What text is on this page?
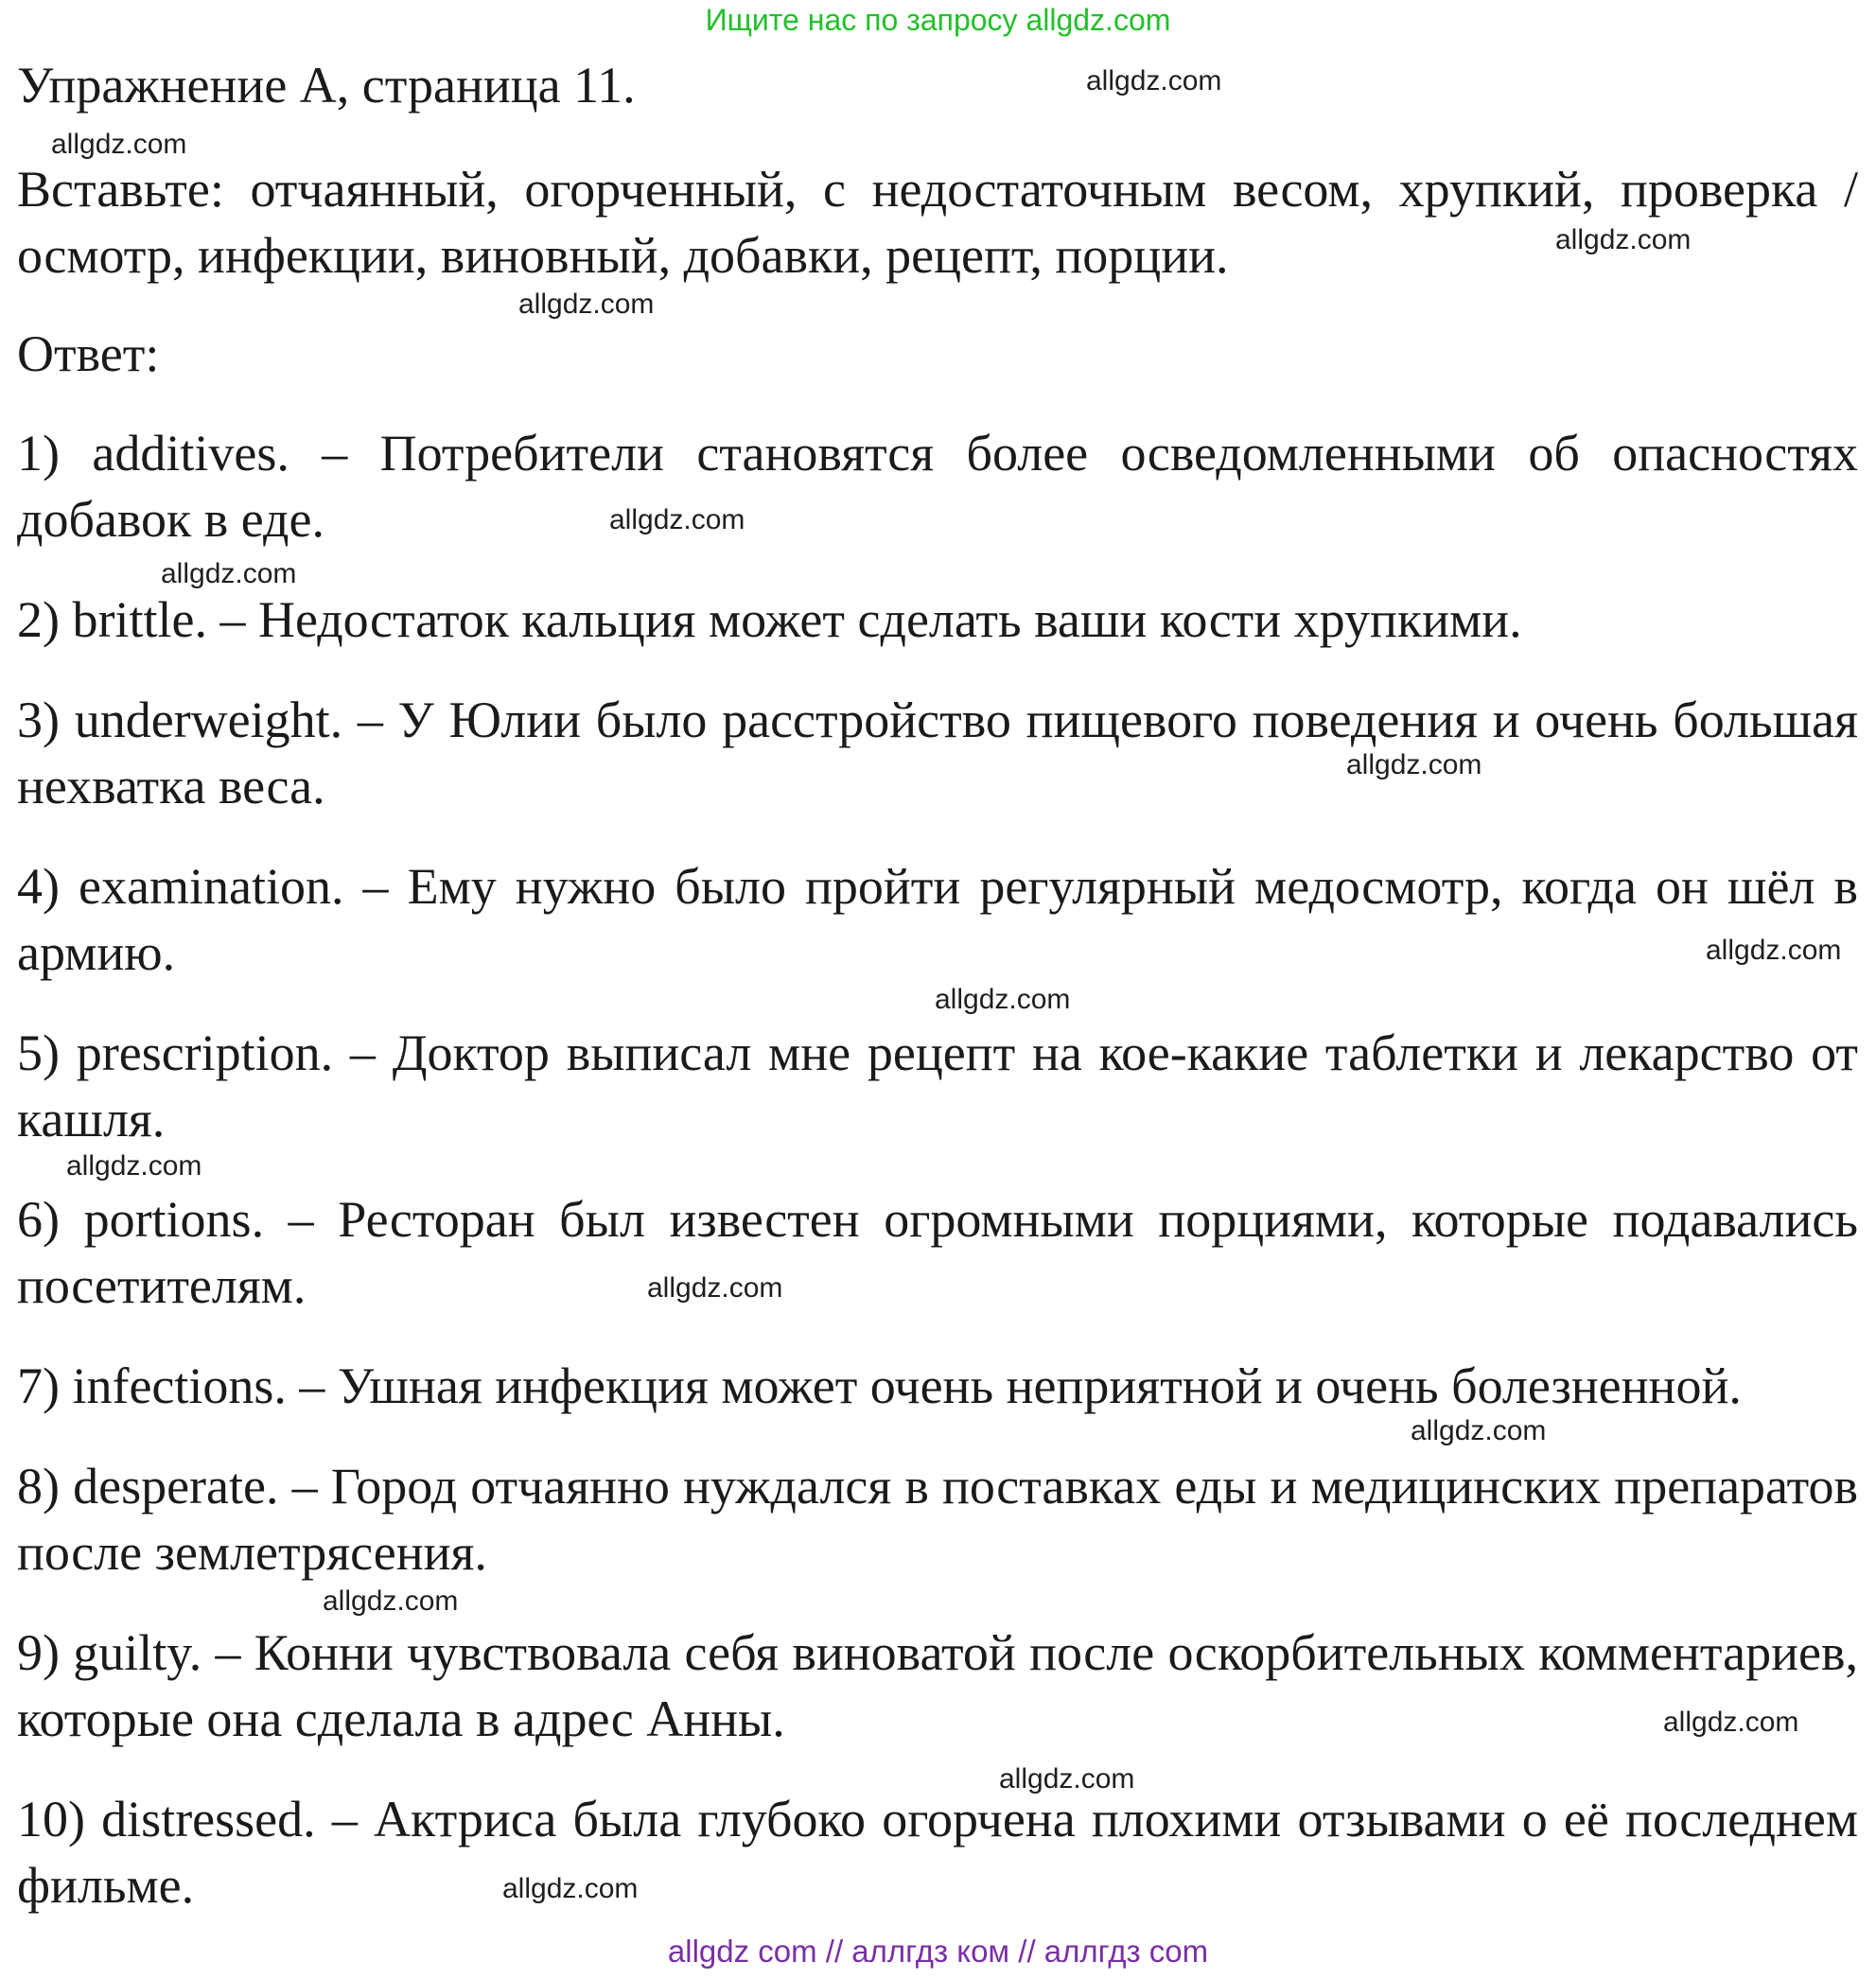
Ищите нас по запросу allgdz.com
Упражнение A, страница 11.
Вставьте: отчаянный, огорченный, с недостаточным весом, хрупкий, проверка / осмотр, инфекции, виновный, добавки, рецепт, порции.
Ответ:
1) additives. – Потребители становятся более осведомленными об опасностях добавок в еде.
2) brittle. – Недостаток кальция может сделать ваши кости хрупкими.
3) underweight. – У Юлии было расстройство пищевого поведения и очень большая нехватка веса.
4) examination. – Ему нужно было пройти регулярный медосмотр, когда он шёл в армию.
5) prescription. – Доктор выписал мне рецепт на кое-какие таблетки и лекарство от кашля.
6) portions. – Ресторан был известен огромными порциями, которые подавались посетителям.
7) infections. – Ушная инфекция может очень неприятной и очень болезненной.
8) desperate. – Город отчаянно нуждался в поставках еды и медицинских препаратов после землетрясения.
9) guilty. – Конни чувствовала себя виноватой после оскорбительных комментариев, которые она сделала в адрес Анны.
10) distressed. – Актриса была глубоко огорчена плохими отзывами о её последнем фильме.
allgdz.com
allgdz.com
allgdz.com
allgdz.com
allgdz.com
allgdz.com
allgdz.com
allgdz.com
allgdz.com
allgdz.com
allgdz.com
allgdz.com
allgdz.com
allgdz.com
allgdz.com
allgdz.com
allgdz com // аллгдз ком // аллгдз com
